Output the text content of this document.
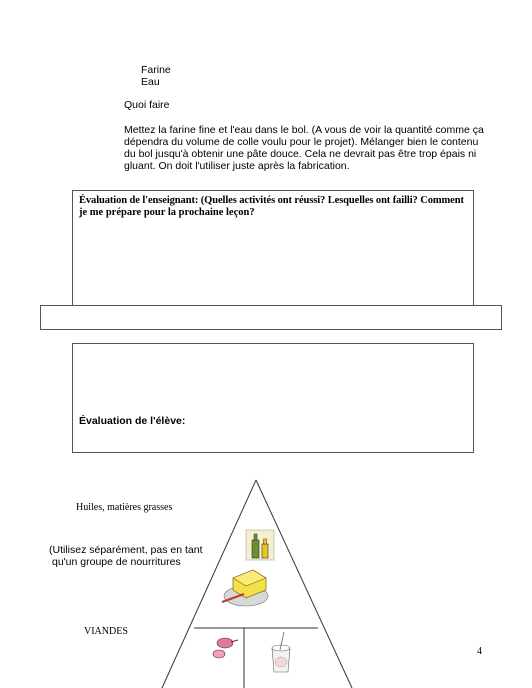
Farine
Eau
Quoi faire
Mettez la farine fine et l'eau dans le bol. (A vous de voir la quantité comme ça
dépendra du volume de colle voulu pour le projet). Mélanger bien le contenu
du bol jusqu'à obtenir une pâte douce. Cela ne devrait pas être trop épais ni
gluant. On doit l'utiliser juste après la fabrication.
Évaluation de l'enseignant: (Quelles activités ont réussi? Lesquelles ont failli? Comment
je me prépare pour la prochaine leçon?
Évaluation de l'élève:
Huiles, matières grasses
(Utilisez séparément, pas en tant
qu'un groupe de nourritures
VIANDES
4
